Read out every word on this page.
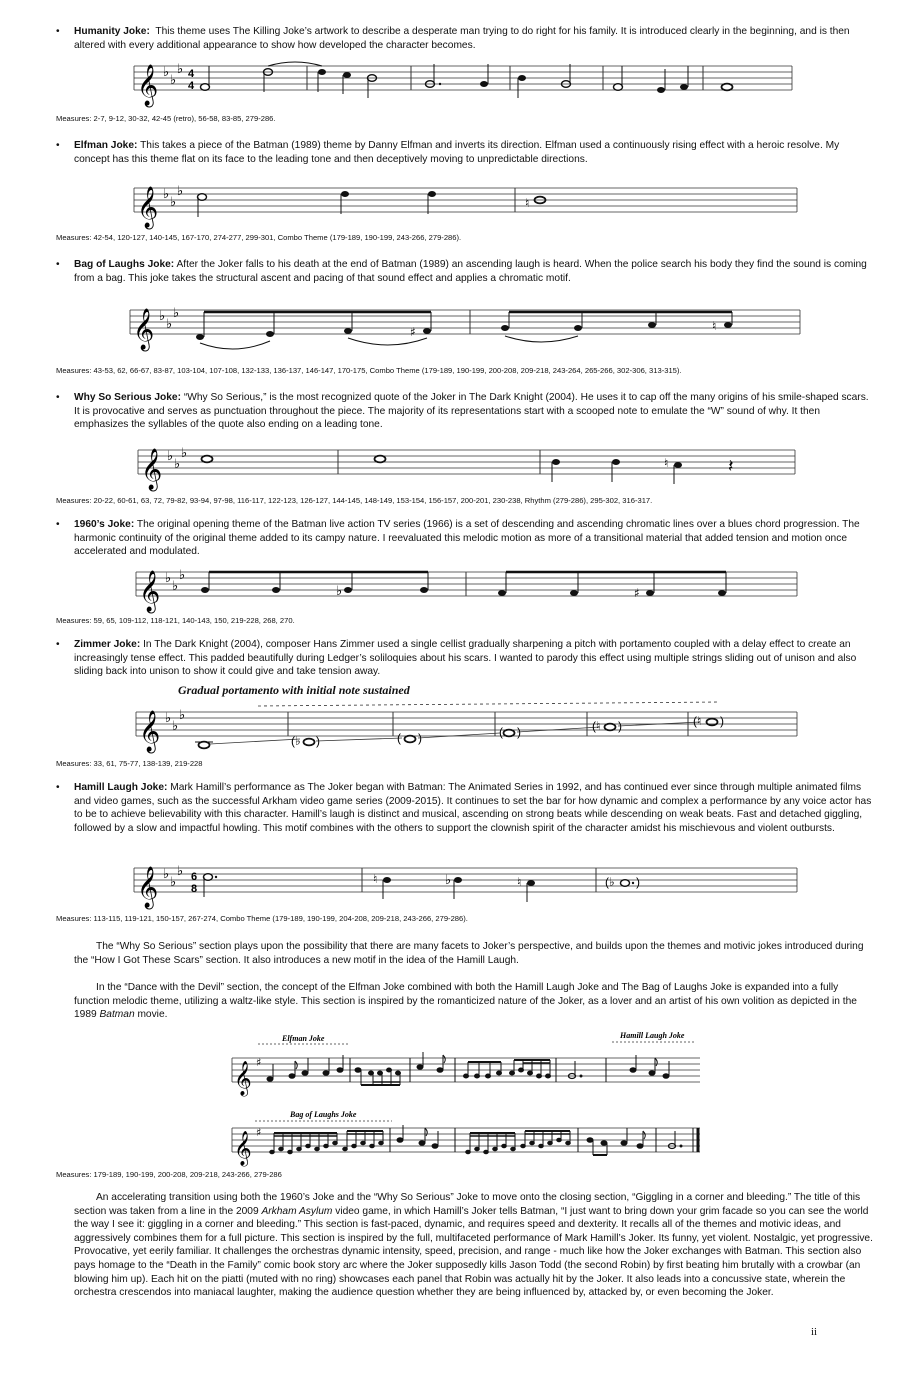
• Humanity Joke: This theme uses The Killing Joke’s artwork to describe a desperate man trying to do right for his family. It is introduced clearly in the beginning, and is then altered with every additional appearance to show how developed the character becomes.
𝄞 ♭
♭
♭ 4
4
Measures: 2-7, 9-12, 30-32, 42-45 (retro), 56-58, 83-85, 279-286.
• Elfman Joke: This takes a piece of the Batman (1989) theme by Danny Elfman and inverts its direction. Elfman used a continuously rising effect with a heroic resolve. My concept has this theme flat on its face to the leading tone and then deceptively moving to unpredictable directions.
𝄞 ♭
♭
♭
♮
Measures: 42-54, 120-127, 140-145, 167-170, 274-277, 299-301, Combo Theme (179-189, 190-199, 243-266, 279-286).
• Bag of Laughs Joke: After the Joker falls to his death at the end of Batman (1989) an ascending laugh is heard. When the police search his body they find the sound is coming from a bag. This joke takes the structural ascent and pacing of that sound effect and applies a chromatic motif.
𝄞 ♭
♭
♭
♯	♮
Measures: 43-53, 62, 66-67, 83-87, 103-104, 107-108, 132-133, 136-137, 146-147, 170-175, Combo Theme (179-189, 190-199, 200-208, 209-218, 243-264, 265-266, 302-306, 313-315).
• Why So Serious Joke: “Why So Serious,” is the most recognized quote of the Joker in The Dark Knight (2004). He uses it to cap off the many origins of his smile-shaped scars. It is provocative and serves as punctuation throughout the piece. The majority of its representations start with a scooped note to emulate the “W” sound of why. It then emphasizes the syllables of the quote also ending on a leading tone.
𝄞 ♭
♭
♭
♮	𝄽
Measures: 20-22, 60-61, 63, 72, 79-82, 93-94, 97-98, 116-117, 122-123, 126-127, 144-145, 148-149, 153-154, 156-157, 200-201, 230-238, Rhythm (279-286), 295-302, 316-317.
• 1960’s Joke: The original opening theme of the Batman live action TV series (1966) is a set of descending and ascending chromatic lines over a blues chord progression. The harmonic continuity of the original theme added to its campy nature. I reevaluated this melodic motion as more of a transitional material that added tension and motion once accelerated and modulated.
𝄞 ♭
♭
♭
♭	♯
Measures: 59, 65, 109-112, 118-121, 140-143, 150, 219-228, 268, 270.
• Zimmer Joke: In The Dark Knight (2004), composer Hans Zimmer used a single cellist gradually sharpening a pitch with portamento coupled with a delay effect to create an increasingly tense effect. This padded beautifully during Ledger’s soliloquies about his scars. I wanted to parody this effect using multiple strings sliding out of unison and also sliding back into unison to show it could give and take tension away.
Gradual portamento with initial note sustained
𝄞 ♭
♭
♭
(♭ )	(	(	(♮ )	(♮ )
Measures: 33, 61, 75-77, 138-139, 219-228
• Hamill Laugh Joke: Mark Hamill’s performance as The Joker began with Batman: The Animated Series in 1992, and has continued ever since through multiple animated films and video games, such as the successful Arkham video game series (2009-2015). It continues to set the bar for how dynamic and complex a performance by any voice actor has to be to achieve believability with this character. Hamill’s laugh is distinct and musical, ascending on strong beats while descending on weak beats. Fast and detached giggling, followed by a slow and impactful howling. This motif combines with the others to support the clownish spirit of the character amidst his mischievous and violent outbursts.
𝄞 ♭
♭
♭ 6
8
♮	♭	♮	(♭ )
Measures: 113-115, 119-121, 150-157, 267-274, Combo Theme (179-189, 190-199, 204-208, 209-218, 243-266, 279-286).
The “Why So Serious” section plays upon the possibility that there are many facets to Joker’s perspective, and builds upon the themes and motivic jokes introduced during the “How I Got These Scars” section. It also introduces a new motif in the idea of the Hamill Laugh.
In the “Dance with the Devil” section, the concept of the Elfman Joke combined with both the Hamill Laugh Joke and The Bag of Laughs Joke is expanded into a fully function melodic theme, utilizing a waltz-like style. This section is inspired by the romanticized nature of the Joker, as a lover and an artist of his own volition as depicted in the 1989 Batman movie.
Elfman Joke	Hamill Laugh Joke
𝄞 ♯
Bag of Laughs Joke
𝄞 ♯
Measures: 179-189, 190-199, 200-208, 209-218, 243-266, 279-286
An accelerating transition using both the 1960’s Joke and the “Why So Serious” Joke to move onto the closing section, “Giggling in a corner and bleeding.” The title of this section was taken from a line in the 2009 Arkham Asylum video game, in which Hamill’s Joker tells Batman, “I just want to bring down your grim facade so you can see the world the way I see it: giggling in a corner and bleeding.” This section is fast-paced, dynamic, and requires speed and dexterity. It recalls all of the themes and motivic ideas, and aggressively combines them for a full picture. This section is inspired by the full, multifaceted performance of Mark Hamill’s Joker. Its funny, yet violent. Nostalgic, yet progressive. Provocative, yet eerily familiar. It challenges the orchestras dynamic intensity, speed, precision, and range - much like how the Joker exchanges with Batman. This section also pays homage to the “Death in the Family” comic book story arc where the Joker supposedly kills Jason Todd (the second Robin) by first beating him brutally with a crowbar (an blowing him up). Each hit on the piatti (muted with no ring) showcases each panel that Robin was actually hit by the Joker. It also leads into a concussive state, wherein the orchestra crescendos into maniacal laughter, making the audience question whether they are being influenced by, attacked by, or even becoming the Joker.
ii
